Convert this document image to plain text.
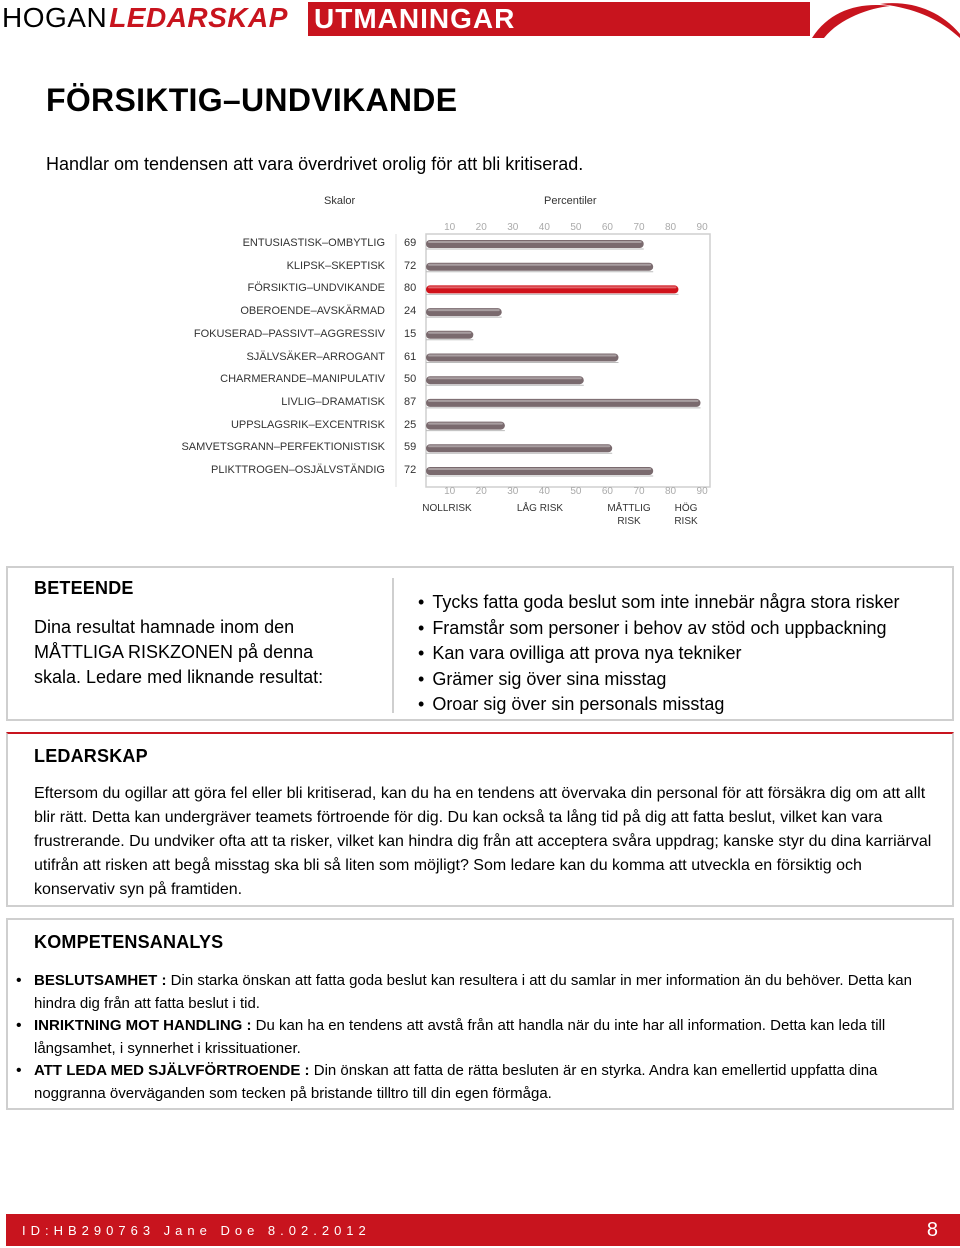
HOGAN LEDARSKAP UTMANINGAR
FÖRSIKTIG–UNDVIKANDE
Handlar om tendensen att vara överdrivet orolig för att bli kritiserad.
Skalor	Percentiler
10
10
20
20
30
30
40
40
50
50
60
60
70
70
80
80
90
90
ENTUSIASTISK–OMBYTLIG 69
KLIPSK–SKEPTISK 72
FÖRSIKTIG–UNDVIKANDE 80
OBEROENDE–AVSKÄRMAD 24
FOKUSERAD–PASSIVT–AGGRESSIV 15
SJÄLVSÄKER–ARROGANT 61
CHARMERANDE–MANIPULATIV 50
LIVLIG–DRAMATISK 87
UPPSLAGSRIK–EXCENTRISK 25
SAMVETSGRANN–PERFEKTIONISTISK 59
PLIKTTROGEN–OSJÄLVSTÄNDIG 72
NOLLRISK	LÅG RISK	MÅTTLIG
RISK
HÖG
RISK
BETEENDE
Dina resultat hamnade inom den MÅTTLIGA RISKZONEN på denna skala. Ledare med liknande resultat:
• Tycks fatta goda beslut som inte innebär några stora risker
• Framstår som personer i behov av stöd och uppbackning
• Kan vara ovilliga att prova nya tekniker
• Grämer sig över sina misstag
• Oroar sig över sin personals misstag
LEDARSKAP
Eftersom du ogillar att göra fel eller bli kritiserad, kan du ha en tendens att övervaka din personal för att försäkra dig om att allt blir rätt. Detta kan undergräver teamets förtroende för dig. Du kan också ta lång tid på dig att fatta beslut, vilket kan vara frustrerande. Du undviker ofta att ta risker, vilket kan hindra dig från att acceptera svåra uppdrag; kanske styr du dina karriärval utifrån att risken att begå misstag ska bli så liten som möjligt? Som ledare kan du komma att utveckla en försiktig och konservativ syn på framtiden.
KOMPETENSANALYS
• BESLUTSAMHET : Din starka önskan att fatta goda beslut kan resultera i att du samlar in mer information än du behöver. Detta kan hindra dig från att fatta beslut i tid.
• INRIKTNING MOT HANDLING : Du kan ha en tendens att avstå från att handla när du inte har all information. Detta kan leda till långsamhet, i synnerhet i krissituationer.
• ATT LEDA MED SJÄLVFÖRTROENDE : Din önskan att fatta de rätta besluten är en styrka. Andra kan emellertid uppfatta dina noggranna överväganden som tecken på bristande tilltro till din egen förmåga.
ID:HB290763 Jane Doe 8.02.2012	8
